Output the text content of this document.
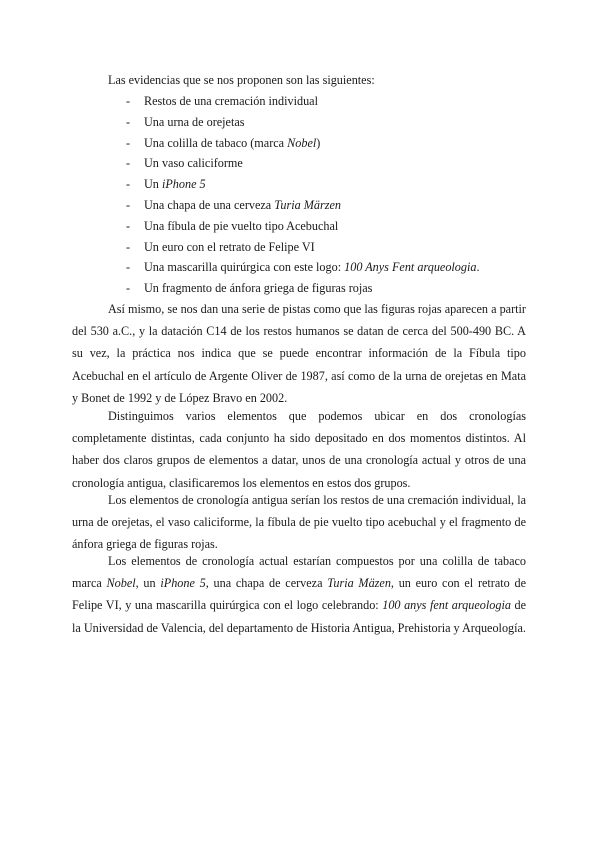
Las evidencias que se nos proponen son las siguientes:

- Restos de una cremación individual
- Una urna de orejetas
- Una colilla de tabaco (marca Nobel)
- Un vaso caliciforme
- Un iPhone 5
- Una chapa de una cerveza Turia Märzen
- Una fíbula de pie vuelto tipo Acebuchal
- Un euro con el retrato de Felipe VI
- Una mascarilla quirúrgica con este logo: 100 Anys Fent arqueologia.
- Un fragmento de ánfora griega de figuras rojas

Así mismo, se nos dan una serie de pistas como que las figuras rojas aparecen a partir del 530 a.C., y la datación C14 de los restos humanos se datan de cerca del 500-490 BC. A su vez, la práctica nos indica que se puede encontrar información de la Fíbula tipo Acebuchal en el artículo de Argente Oliver de 1987, así como de la urna de orejetas en Mata y Bonet de 1992 y de López Bravo en 2002.

Distinguimos varios elementos que podemos ubicar en dos cronologías completamente distintas, cada conjunto ha sido depositado en dos momentos distintos. Al haber dos claros grupos de elementos a datar, unos de una cronología actual y otros de una cronología antigua, clasificaremos los elementos en estos dos grupos.

Los elementos de cronología antigua serían los restos de una cremación individual, la urna de orejetas, el vaso caliciforme, la fíbula de pie vuelto tipo acebuchal y el fragmento de ánfora griega de figuras rojas.

Los elementos de cronología actual estarían compuestos por una colilla de tabaco marca Nobel, un iPhone 5, una chapa de cerveza Turia Mäzen, un euro con el retrato de Felipe VI, y una mascarilla quirúrgica con el logo celebrando: 100 anys fent arqueologia de la Universidad de Valencia, del departamento de Historia Antigua, Prehistoria y Arqueología.
